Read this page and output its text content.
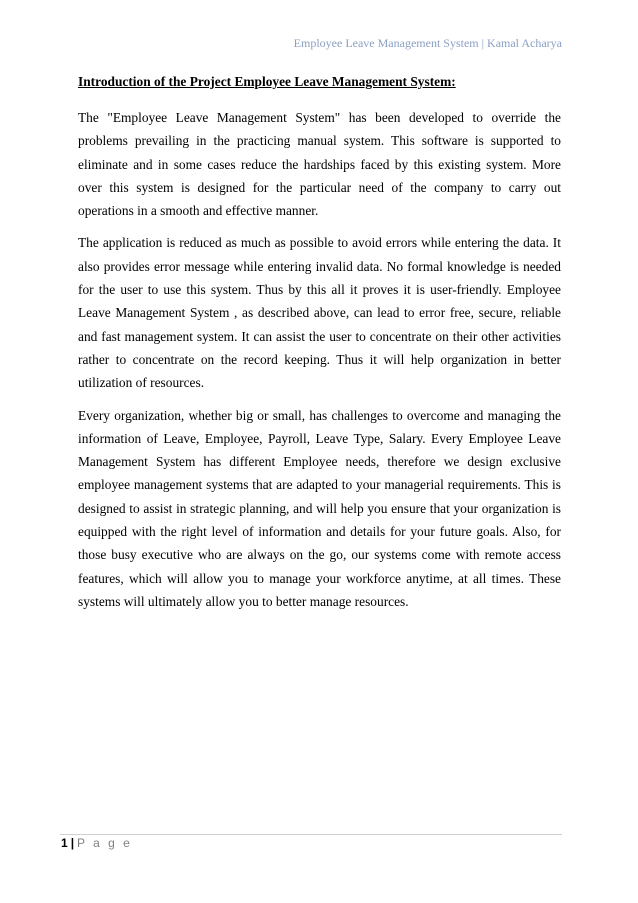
Employee Leave Management System | Kamal Acharya
Introduction of the Project Employee Leave Management System:

The "Employee Leave Management System" has been developed to override the problems prevailing in the practicing manual system. This software is supported to eliminate and in some cases reduce the hardships faced by this existing system. More over this system is designed for the particular need of the company to carry out operations in a smooth and effective manner.

The application is reduced as much as possible to avoid errors while entering the data. It also provides error message while entering invalid data. No formal knowledge is needed for the user to use this system. Thus by this all it proves it is user-friendly. Employee Leave Management System , as described above, can lead to error free, secure, reliable and fast management system. It can assist the user to concentrate on their other activities rather to concentrate on the record keeping. Thus it will help organization in better utilization of resources.

Every organization, whether big or small, has challenges to overcome and managing the information of Leave, Employee, Payroll, Leave Type, Salary. Every Employee Leave Management System has different Employee needs, therefore we design exclusive employee management systems that are adapted to your managerial requirements. This is designed to assist in strategic planning, and will help you ensure that your organization is equipped with the right level of information and details for your future goals. Also, for those busy executive who are always on the go, our systems come with remote access features, which will allow you to manage your workforce anytime, at all times. These systems will ultimately allow you to better manage resources.

1 | P a g e
